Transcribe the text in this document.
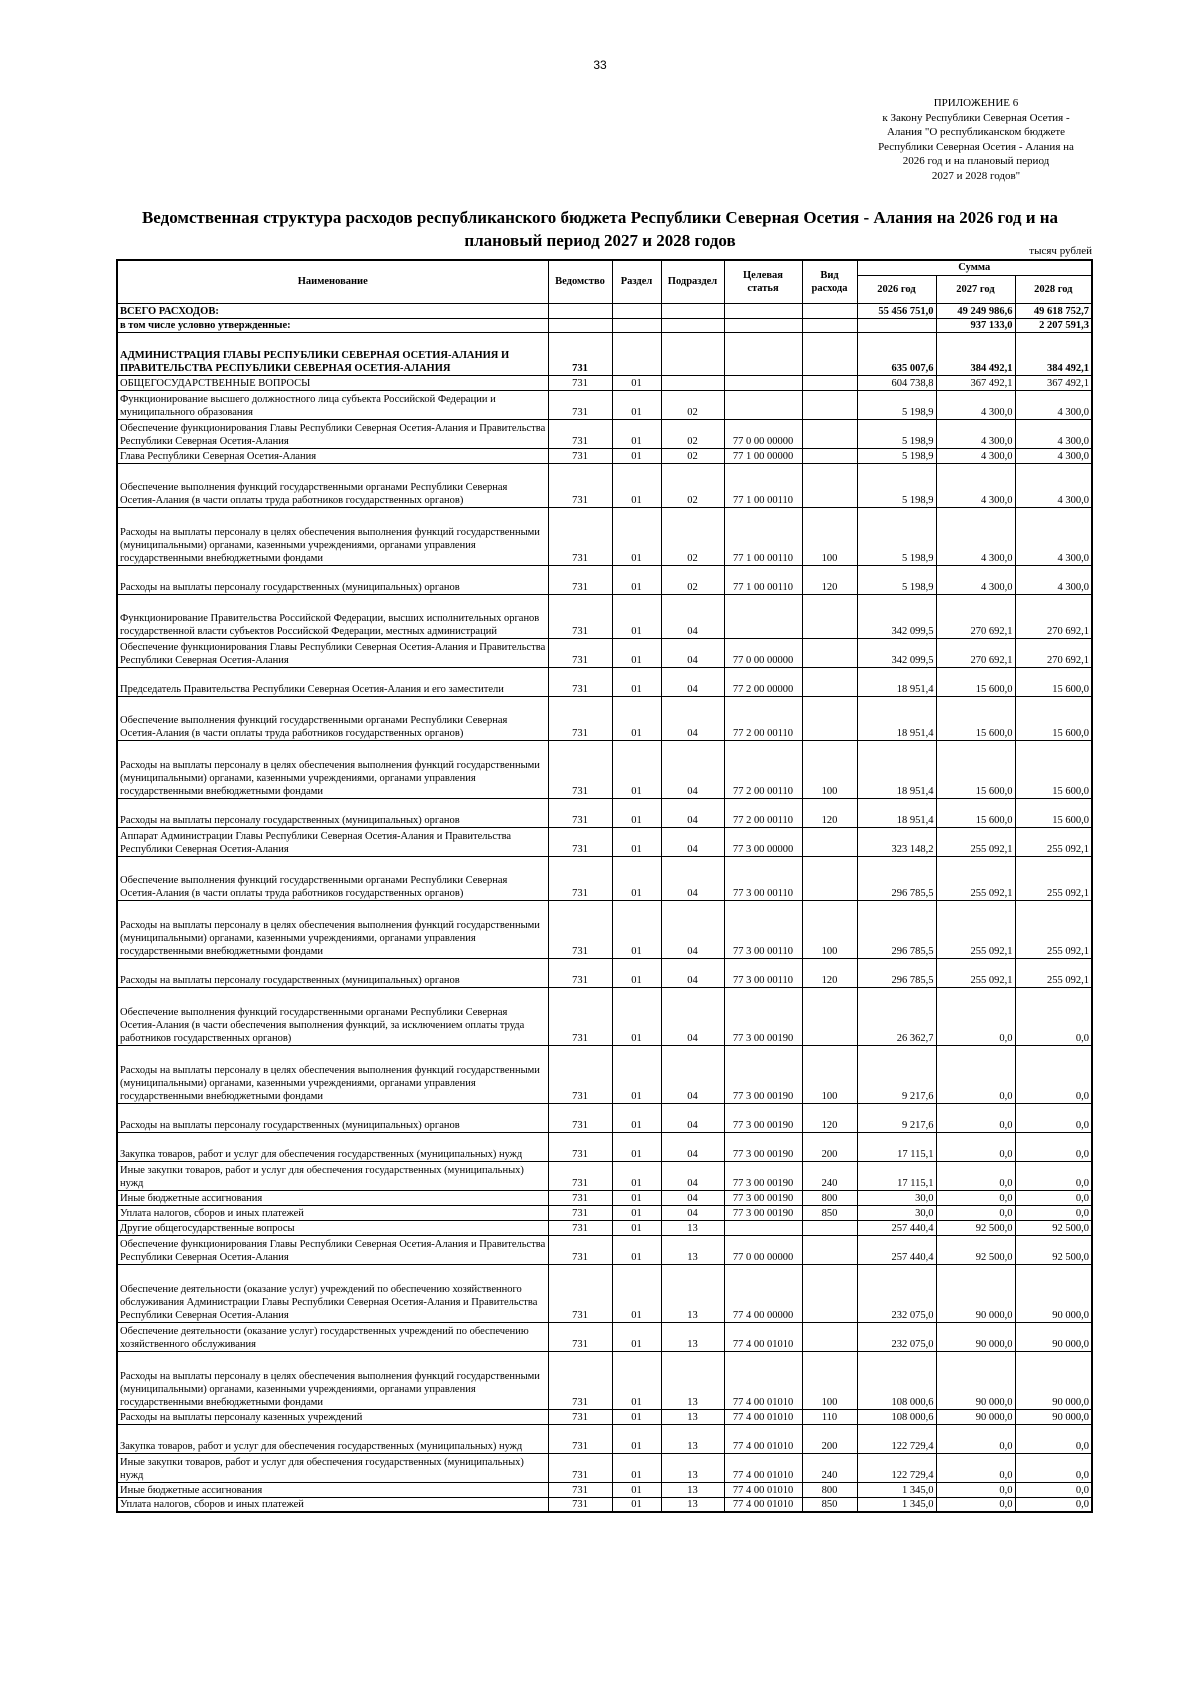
33
ПРИЛОЖЕНИЕ 6
к Закону Республики Северная Осетия -
Алания "О республиканском бюджете
Республики Северная Осетия - Алания на
2026 год и на плановый период
2027 и 2028 годов"
Ведомственная структура расходов республиканского бюджета Республики Северная Осетия - Алания на 2026 год и на
плановый период 2027 и 2028 годов
тысяч рублей
Наименование	Ведомство	Раздел	Подраздел	Целевая статья	Вид расхода	Сумма		
						2026 год	2027 год	2028 год
ВСЕГО РАСХОДОВ:						55 456 751,0	49 249 986,6	49 618 752,7
в том числе условно утвержденные:							937 133,0	2 207 591,3
АДМИНИСТРАЦИЯ ГЛАВЫ РЕСПУБЛИКИ СЕВЕРНАЯ ОСЕТИЯ-АЛАНИЯ И ПРАВИТЕЛЬСТВА РЕСПУБЛИКИ СЕВЕРНАЯ ОСЕТИЯ-АЛАНИЯ	731					635 007,6	384 492,1	384 492,1
ОБЩЕГОСУДАРСТВЕННЫЕ ВОПРОСЫ	731	01				604 738,8	367 492,1	367 492,1
Функционирование высшего должностного лица субъекта Российской Федерации и муниципального образования	731	01	02			5 198,9	4 300,0	4 300,0
Обеспечение функционирования Главы Республики Северная Осетия-Алания и Правительства Республики Северная Осетия-Алания	731	01	02	77 0 00 00000		5 198,9	4 300,0	4 300,0
Глава Республики Северная Осетия-Алания	731	01	02	77 1 00 00000		5 198,9	4 300,0	4 300,0
Обеспечение выполнения функций государственными органами Республики Северная Осетия-Алания (в части оплаты труда работников государственных органов)	731	01	02	77 1 00 00110		5 198,9	4 300,0	4 300,0
Расходы на выплаты персоналу в целях обеспечения выполнения функций государственными (муниципальными) органами, казенными учреждениями, органами управления государственными внебюджетными фондами	731	01	02	77 1 00 00110	100	5 198,9	4 300,0	4 300,0
Расходы на выплаты персоналу государственных (муниципальных) органов	731	01	02	77 1 00 00110	120	5 198,9	4 300,0	4 300,0
Функционирование Правительства Российской Федерации, высших исполнительных органов государственной власти субъектов Российской Федерации, местных администраций	731	01	04			342 099,5	270 692,1	270 692,1
Обеспечение функционирования Главы Республики Северная Осетия-Алания и Правительства Республики Северная Осетия-Алания	731	01	04	77 0 00 00000		342 099,5	270 692,1	270 692,1
Председатель Правительства Республики Северная Осетия-Алания и его заместители	731	01	04	77 2 00 00000		18 951,4	15 600,0	15 600,0
Обеспечение выполнения функций государственными органами Республики Северная Осетия-Алания (в части оплаты труда работников государственных органов)	731	01	04	77 2 00 00110		18 951,4	15 600,0	15 600,0
Расходы на выплаты персоналу в целях обеспечения выполнения функций государственными (муниципальными) органами, казенными учреждениями, органами управления государственными внебюджетными фондами	731	01	04	77 2 00 00110	100	18 951,4	15 600,0	15 600,0
Расходы на выплаты персоналу государственных (муниципальных) органов	731	01	04	77 2 00 00110	120	18 951,4	15 600,0	15 600,0
Аппарат Администрации Главы Республики Северная Осетия-Алания и Правительства Республики Северная Осетия-Алания	731	01	04	77 3 00 00000		323 148,2	255 092,1	255 092,1
Обеспечение выполнения функций государственными органами Республики Северная Осетия-Алания (в части оплаты труда работников государственных органов)	731	01	04	77 3 00 00110		296 785,5	255 092,1	255 092,1
Расходы на выплаты персоналу в целях обеспечения выполнения функций государственными (муниципальными) органами, казенными учреждениями, органами управления государственными внебюджетными фондами	731	01	04	77 3 00 00110	100	296 785,5	255 092,1	255 092,1
Расходы на выплаты персоналу государственных (муниципальных) органов	731	01	04	77 3 00 00110	120	296 785,5	255 092,1	255 092,1
Обеспечение выполнения функций государственными органами Республики Северная Осетия-Алания (в части обеспечения выполнения функций, за исключением оплаты труда работников государственных органов)	731	01	04	77 3 00 00190		26 362,7	0,0	0,0
Расходы на выплаты персоналу в целях обеспечения выполнения функций государственными (муниципальными) органами, казенными учреждениями, органами управления государственными внебюджетными фондами	731	01	04	77 3 00 00190	100	9 217,6	0,0	0,0
Расходы на выплаты персоналу государственных (муниципальных) органов	731	01	04	77 3 00 00190	120	9 217,6	0,0	0,0
Закупка товаров, работ и услуг для обеспечения государственных (муниципальных) нужд	731	01	04	77 3 00 00190	200	17 115,1	0,0	0,0
Иные закупки товаров, работ и услуг для обеспечения государственных (муниципальных) нужд	731	01	04	77 3 00 00190	240	17 115,1	0,0	0,0
Иные бюджетные ассигнования	731	01	04	77 3 00 00190	800	30,0	0,0	0,0
Уплата налогов, сборов и иных платежей	731	01	04	77 3 00 00190	850	30,0	0,0	0,0
Другие общегосударственные вопросы	731	01	13			257 440,4	92 500,0	92 500,0
Обеспечение функционирования Главы Республики Северная Осетия-Алания и Правительства Республики Северная Осетия-Алания	731	01	13	77 0 00 00000		257 440,4	92 500,0	92 500,0
Обеспечение деятельности (оказание услуг) учреждений по обеспечению хозяйственного обслуживания Администрации Главы Республики Северная Осетия-Алания и Правительства Республики Северная Осетия-Алания	731	01	13	77 4 00 00000		232 075,0	90 000,0	90 000,0
Обеспечение деятельности (оказание услуг) государственных учреждений по обеспечению хозяйственного обслуживания	731	01	13	77 4 00 01010		232 075,0	90 000,0	90 000,0
Расходы на выплаты персоналу в целях обеспечения выполнения функций государственными (муниципальными) органами, казенными учреждениями, органами управления государственными внебюджетными фондами	731	01	13	77 4 00 01010	100	108 000,6	90 000,0	90 000,0
Расходы на выплаты персоналу казенных учреждений	731	01	13	77 4 00 01010	110	108 000,6	90 000,0	90 000,0
Закупка товаров, работ и услуг для обеспечения государственных (муниципальных) нужд	731	01	13	77 4 00 01010	200	122 729,4	0,0	0,0
Иные закупки товаров, работ и услуг для обеспечения государственных (муниципальных) нужд	731	01	13	77 4 00 01010	240	122 729,4	0,0	0,0
Иные бюджетные ассигнования	731	01	13	77 4 00 01010	800	1 345,0	0,0	0,0
Уплата налогов, сборов и иных платежей	731	01	13	77 4 00 01010	850	1 345,0	0,0	0,0
